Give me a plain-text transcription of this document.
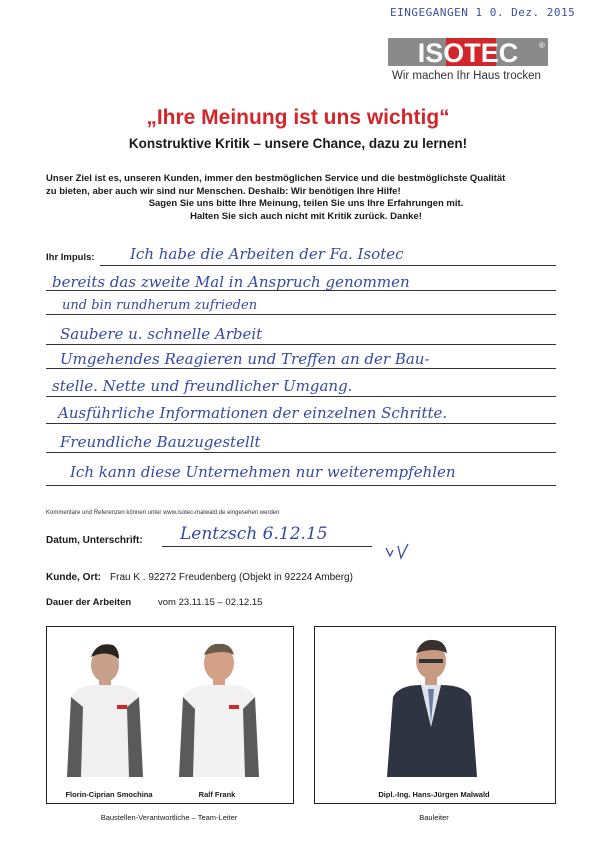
EINGEGANGEN 1 0. Dez. 2015
ISOTEC	®
Wir machen Ihr Haus trocken
„Ihre Meinung ist uns wichtig“
Konstruktive Kritik – unsere Chance, dazu zu lernen!
Unser Ziel ist es, unseren Kunden, immer den bestmöglichen Service und die bestmöglichste Qualität
zu bieten, aber auch wir sind nur Menschen. Deshalb: Wir benötigen Ihre Hilfe!
Sagen Sie uns bitte Ihre Meinung, teilen Sie uns Ihre Erfahrungen mit.
Halten Sie sich auch nicht mit Kritik zurück. Danke!
Ihr Impuls: Ich habe die Arbeiten der Fa. Isotec
bereits das zweite Mal in Anspruch genommen
und bin rundherum zufrieden
Saubere u. schnelle Arbeit
Umgehendes Reagieren und Treffen an der Bau-
stelle. Nette und freundlicher Umgang.
Ausführliche Informationen der einzelnen Schritte.
Freundliche Bauzugestellt
Ich kann diese Unternehmen nur weiterempfehlen
Kommentare und Referenzen können unter www.isotec-malwald.de eingesehen werden
Datum, Unterschrift: Lentzsch 6.12.15
Kunde, Ort: Frau K . 92272 Freudenberg (Objekt in 92224 Amberg)
Dauer der Arbeiten	vom 23.11.15 – 02.12.15
Florin-Ciprian Smochina	Ralf Frank
Baustellen-Verantwortliche – Team-Leiter
Dipl.-Ing. Hans-Jürgen Malwald
Bauleiter
